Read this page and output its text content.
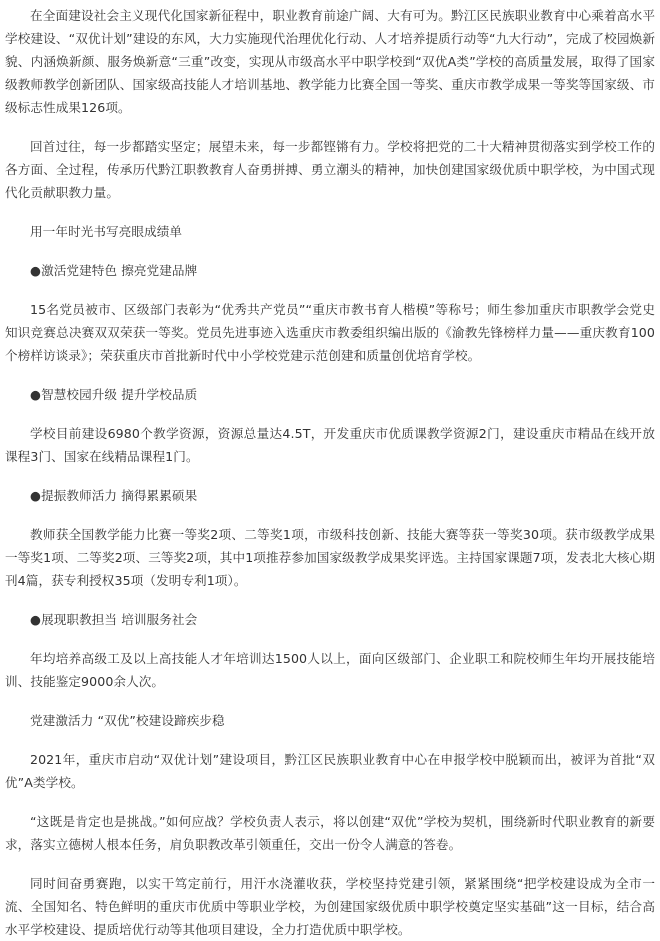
在全面建设社会主义现代化国家新征程中，职业教育前途广阔、大有可为。黔江区民族职业教育中心乘着高水平学校建设、“双优计划”建设的东风，大力实施现代治理优化行动、人才培养提质行动等“九大行动”，完成了校园焕新貌、内涵焕新颜、服务焕新意“三重”改变，实现从市级高水平中职学校到“双优A类”学校的高质量发展，取得了国家级教师教学创新团队、国家级高技能人才培训基地、教学能力比赛全国一等奖、重庆市教学成果一等奖等国家级、市级标志性成果126项。

回首过往，每一步都踏实坚定；展望未来，每一步都铿锵有力。学校将把党的二十大精神贯彻落实到学校工作的各方面、全过程，传承历代黔江职教教育人奋勇拼搏、勇立潮头的精神，加快创建国家级优质中职学校，为中国式现代化贡献职教力量。

用一年时光书写亮眼成绩单

●激活党建特色 擦亮党建品牌

15名党员被市、区级部门表彰为“优秀共产党员”“重庆市教书育人楷模”等称号；师生参加重庆市职教学会党史知识竞赛总决赛双双荣获一等奖。党员先进事迹入选重庆市教委组织编出版的《渝教先锋榜样力量——重庆教育100个榜样访谈录》；荣获重庆市首批新时代中小学校党建示范创建和质量创优培育学校。

●智慧校园升级 提升学校品质

学校目前建设6980个教学资源，资源总量达4.5T，开发重庆市优质课教学资源2门，建设重庆市精品在线开放课程3门、国家在线精品课程1门。

●提振教师活力 摘得累累硕果

教师获全国教学能力比赛一等奖2项、二等奖1项，市级科技创新、技能大赛等获一等奖30项。获市级教学成果一等奖1项、二等奖2项、三等奖2项，其中1项推荐参加国家级教学成果奖评选。主持国家课题7项，发表北大核心期刊4篇，获专利授权35项（发明专利1项）。

●展现职教担当 培训服务社会

年均培养高级工及以上高技能人才年培训达1500人以上，面向区级部门、企业职工和院校师生年均开展技能培训、技能鉴定9000余人次。

党建激活力 “双优”校建设蹄疾步稳

2021年，重庆市启动“双优计划”建设项目，黔江区民族职业教育中心在申报学校中脱颖而出，被评为首批“双优”A类学校。

“这既是肯定也是挑战。”如何应战？学校负责人表示，将以创建“双优”学校为契机，围绕新时代职业教育的新要求，落实立德树人根本任务，肩负职教改革引领重任，交出一份令人满意的答卷。

同时间奋勇赛跑，以实干笃定前行，用汗水浇灌收获，学校坚持党建引领，紧紧围绕“把学校建设成为全市一流、全国知名、特色鲜明的重庆市优质中等职业学校，为创建国家级优质中职学校奠定坚实基础”这一目标，结合高水平学校建设、提质培优行动等其他项目建设，全力打造优质中职学校。
